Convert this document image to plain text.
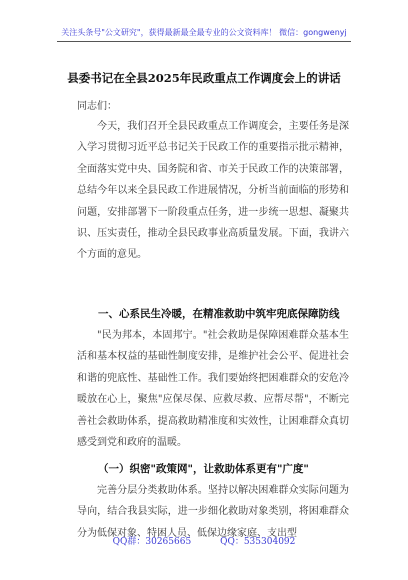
关注头条号"公文研究"，获得最新最全最专业的公文资料库！ 微信：gongwenyj
县委书记在全县2025年民政重点工作调度会上的讲话
同志们：

今天，我们召开全县民政重点工作调度会，主要任务是深入学习贯彻习近平总书记关于民政工作的重要指示批示精神，全面落实党中央、国务院和省、市关于民政工作的决策部署，总结今年以来全县民政工作进展情况，分析当前面临的形势和问题，安排部署下一阶段重点任务，进一步统一思想、凝聚共识、压实责任，推动全县民政事业高质量发展。下面，我讲六个方面的意见。

一、心系民生冷暖，在精准救助中筑牢兜底保障防线

"民为邦本，本固邦宁。"社会救助是保障困难群众基本生活和基本权益的基础性制度安排，是维护社会公平、促进社会和谐的兜底性、基础性工作。我们要始终把困难群众的安危冷暖放在心上，聚焦"应保尽保、应救尽救、应帮尽帮"，不断完善社会救助体系，提高救助精准度和实效性，让困难群众真切感受到党和政府的温暖。

（一）织密"政策网"，让救助体系更有"广度"

完善分层分类救助体系。坚持以解决困难群众实际问题为导向，结合我县实际，进一步细化救助对象类别，将困难群众分为低保对象、特困人员、低保边缘家庭、支出型

QQ群：30265665	QQ：535304092
